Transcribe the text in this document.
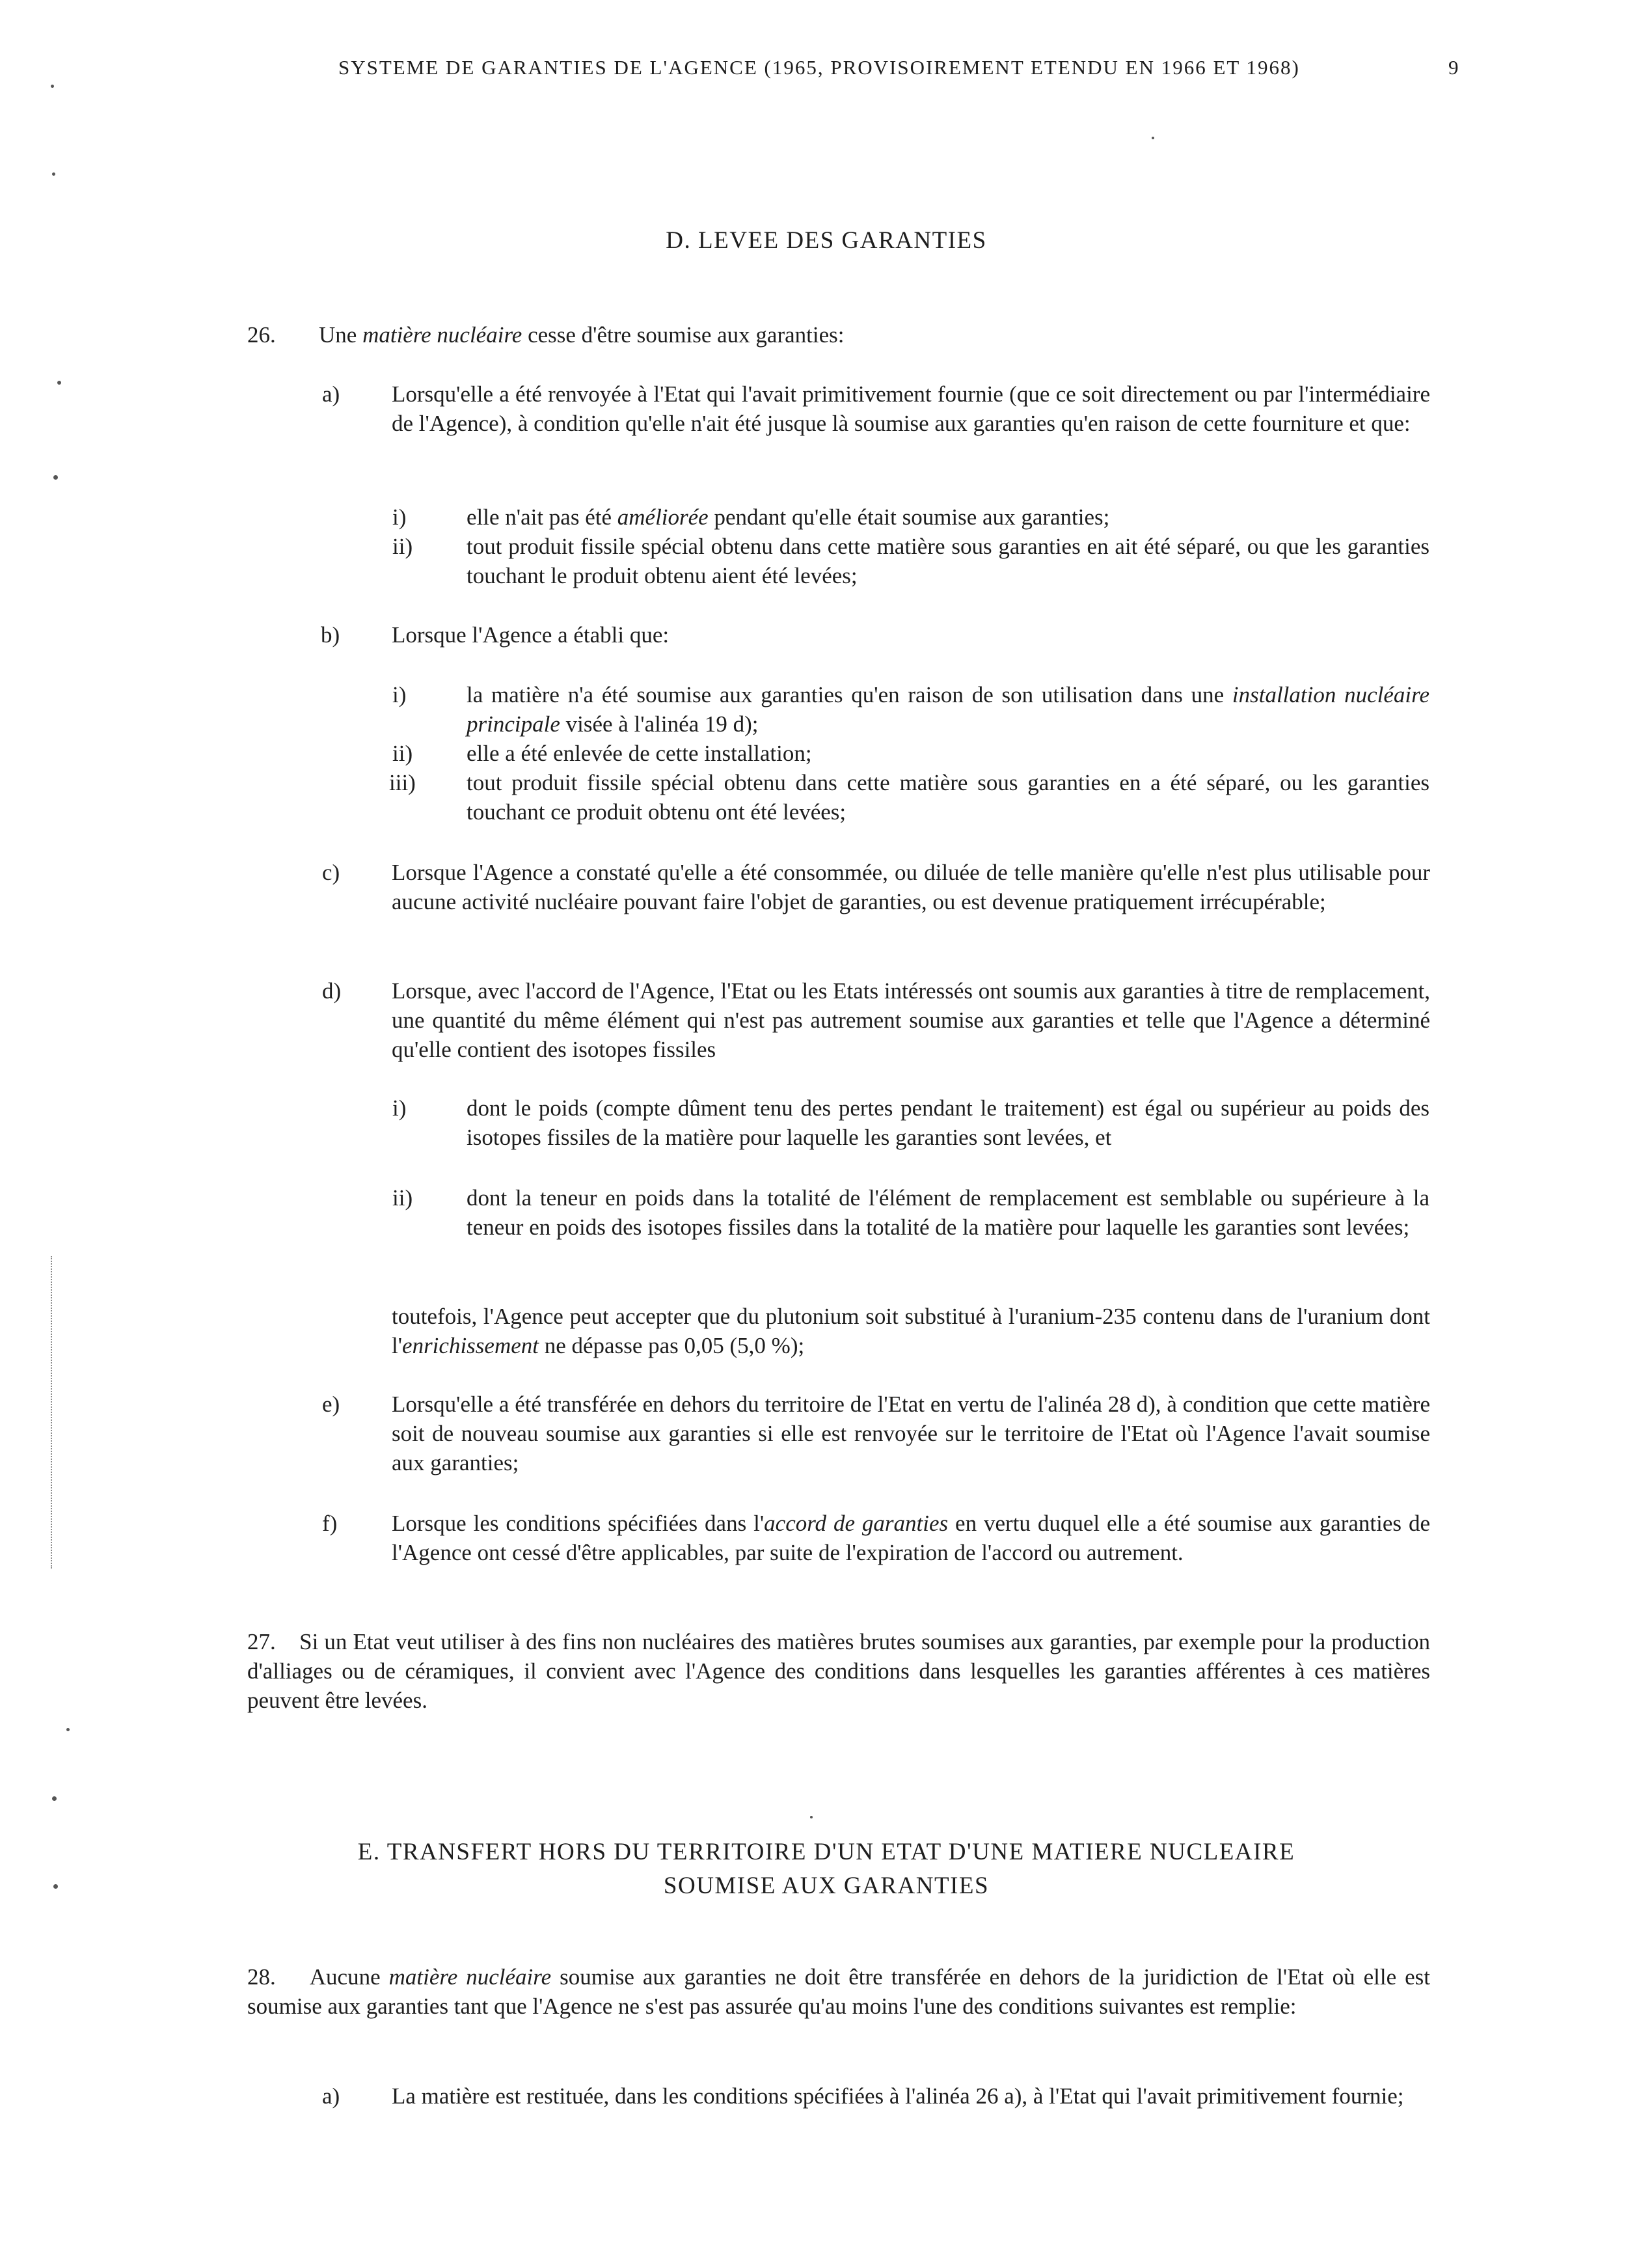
SYSTEME DE GARANTIES DE L'AGENCE (1965, PROVISOIREMENT ETENDU EN 1966 ET 1968)	9
D. LEVEE DES GARANTIES
26. Une matière nucléaire cesse d'être soumise aux garanties:
a) Lorsqu'elle a été renvoyée à l'Etat qui l'avait primitivement fournie (que ce soit directement ou par l'intermédiaire de l'Agence), à condition qu'elle n'ait été jusque là soumise aux garanties qu'en raison de cette fourniture et que:
i)	elle n'ait pas été améliorée pendant qu'elle était soumise aux garanties;
ii) tout produit fissile spécial obtenu dans cette matière sous garanties en ait été séparé, ou que les garanties touchant le produit obtenu aient été levées;
b) Lorsque l'Agence a établi que:
i)	la matière n'a été soumise aux garanties qu'en raison de son utilisation dans une installation nucléaire principale visée à l'alinéa 19 d);
ii) elle a été enlevée de cette installation;
iii) tout produit fissile spécial obtenu dans cette matière sous garanties en a été séparé, ou les garanties touchant ce produit obtenu ont été levées;
c) Lorsque l'Agence a constaté qu'elle a été consommée, ou diluée de telle manière qu'elle n'est plus utilisable pour aucune activité nucléaire pouvant faire l'objet de garanties, ou est devenue pratiquement irrécupérable;
d) Lorsque, avec l'accord de l'Agence, l'Etat ou les Etats intéressés ont soumis aux garanties à titre de remplacement, une quantité du même élément qui n'est pas autrement soumise aux garanties et telle que l'Agence a déterminé qu'elle contient des isotopes fissiles
i)	dont le poids (compte dûment tenu des pertes pendant le traitement) est égal ou supérieur au poids des isotopes fissiles de la matière pour laquelle les garanties sont levées, et
ii) dont la teneur en poids dans la totalité de l'élément de remplacement est semblable ou supérieure à la teneur en poids des isotopes fissiles dans la totalité de la matière pour laquelle les garanties sont levées;
toutefois, l'Agence peut accepter que du plutonium soit substitué à l'uranium-235 contenu dans de l'uranium dont l'enrichissement ne dépasse pas 0,05 (5,0 %);
e) Lorsqu'elle a été transférée en dehors du territoire de l'Etat en vertu de l'alinéa 28 d), à condition que cette matière soit de nouveau soumise aux garanties si elle est renvoyée sur le territoire de l'Etat où l'Agence l'avait soumise aux garanties;
f) Lorsque les conditions spécifiées dans l'accord de garanties en vertu duquel elle a été soumise aux garanties de l'Agence ont cessé d'être applicables, par suite de l'expiration de l'accord ou autrement.
27. Si un Etat veut utiliser à des fins non nucléaires des matières brutes soumises aux garanties, par exemple pour la production d'alliages ou de céramiques, il convient avec l'Agence des conditions dans lesquelles les garanties afférentes à ces matières peuvent être levées.
E. TRANSFERT HORS DU TERRITOIRE D'UN ETAT D'UNE MATIERE NUCLEAIRE
SOUMISE AUX GARANTIES
28. Aucune matière nucléaire soumise aux garanties ne doit être transférée en dehors de la juridiction de l'Etat où elle est soumise aux garanties tant que l'Agence ne s'est pas assurée qu'au moins l'une des conditions suivantes est remplie:
a) La matière est restituée, dans les conditions spécifiées à l'alinéa 26 a), à l'Etat qui l'avait primitivement fournie;
